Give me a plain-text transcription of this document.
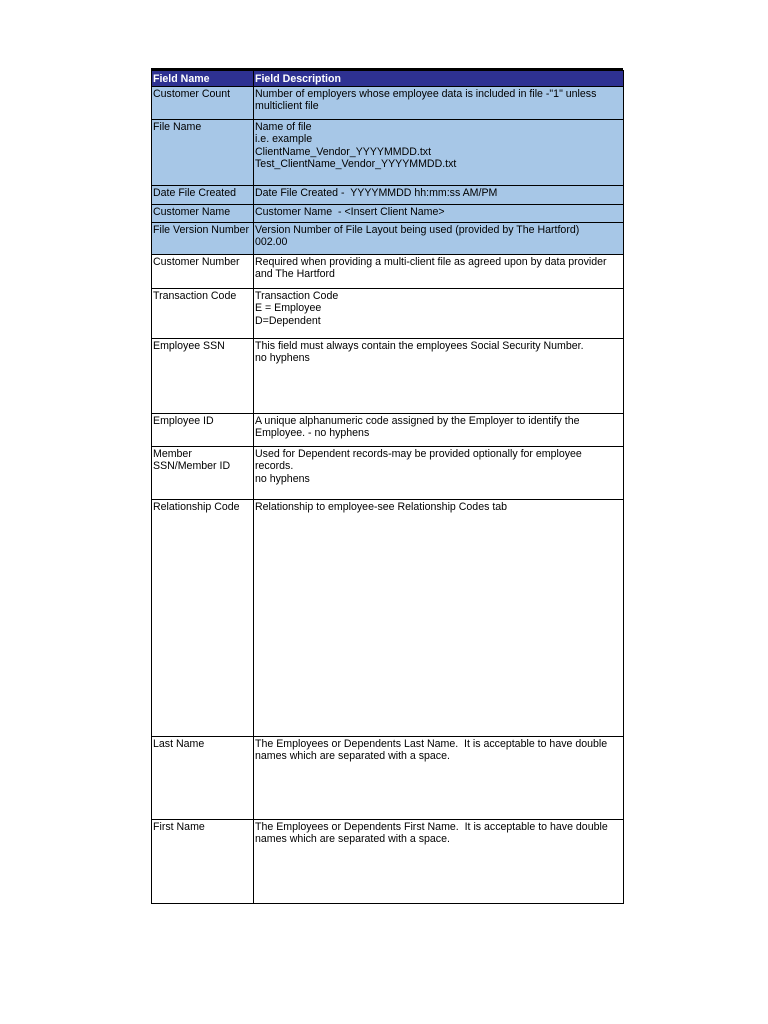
Field Name	Field Description
Customer Count	Number of employers whose employee data is included in file -"1" unless multiclient file

File Name	Name of file
i.e. example
ClientName_Vendor_YYYYMMDD.txt
Test_ClientName_Vendor_YYYYMMDD.txt

Date File Created	Date File Created -  YYYYMMDD hh:mm:ss AM/PM

Customer Name	Customer Name  - <Insert Client Name>

File Version Number	Version Number of File Layout being used (provided by The Hartford)
002.00

Customer Number	Required when providing a multi-client file as agreed upon by data provider and The Hartford

Transaction Code	Transaction Code
E = Employee
D=Dependent

Employee SSN	This field must always contain the employees Social Security Number.
no hyphens

Employee ID	A unique alphanumeric code assigned by the Employer to identify the Employee. - no hyphens

Member SSN/Member ID	Used for Dependent records-may be provided optionally for employee records.
no hyphens

Relationship Code	Relationship to employee-see Relationship Codes tab

Last Name	The Employees or Dependents Last Name.  It is acceptable to have double names which are separated with a space.

First Name	The Employees or Dependents First Name.  It is acceptable to have double names which are separated with a space.
